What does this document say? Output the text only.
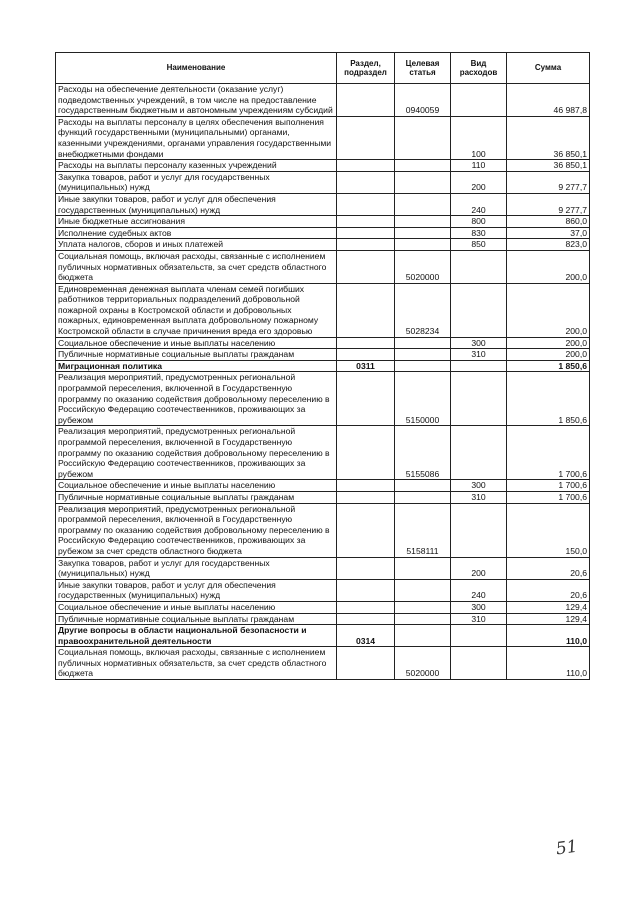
Наименование	Раздел, подраздел	Целевая статья	Вид расходов	Сумма
Расходы на обеспечение деятельности (оказание услуг) подведомственных учреждений, в том числе на предоставление государственным бюджетным и автономным учреждениям субсидий		0940059		46 987,8
Расходы на выплаты персоналу в целях обеспечения выполнения функций государственными (муниципальными) органами, казенными учреждениями, органами управления государственными внебюджетными фондами			100	36 850,1
Расходы на выплаты персоналу казенных учреждений			110	36 850,1
Закупка товаров, работ и услуг для государственных (муниципальных) нужд			200	9 277,7
Иные закупки товаров, работ и услуг для обеспечения государственных (муниципальных) нужд			240	9 277,7
Иные бюджетные ассигнования			800	860,0
Исполнение судебных актов			830	37,0
Уплата налогов, сборов и иных платежей			850	823,0
Социальная помощь, включая расходы, связанные с исполнением публичных нормативных обязательств, за счет средств областного бюджета		5020000		200,0
Единовременная денежная выплата членам семей погибших работников территориальных подразделений добровольной пожарной охраны в Костромской области и добровольных пожарных, единовременная выплата добровольному пожарному Костромской области в случае причинения вреда его здоровью		5028234		200,0
Социальное обеспечение и иные выплаты населению			300	200,0
Публичные нормативные социальные выплаты гражданам			310	200,0
Миграционная политика	0311			1 850,6
Реализация мероприятий, предусмотренных региональной программой переселения, включенной в Государственную программу по оказанию содействия добровольному переселению в Российскую Федерацию соотечественников, проживающих за рубежом		5150000		1 850,6
Реализация мероприятий, предусмотренных региональной программой переселения, включенной в Государственную программу по оказанию содействия добровольному переселению в Российскую Федерацию соотечественников, проживающих за рубежом		5155086		1 700,6
Социальное обеспечение и иные выплаты населению			300	1 700,6
Публичные нормативные социальные выплаты гражданам			310	1 700,6
Реализация мероприятий, предусмотренных региональной программой переселения, включенной в Государственную программу по оказанию содействия добровольному переселению в Российскую Федерацию соотечественников, проживающих за рубежом за счет средств областного бюджета		5158111		150,0
Закупка товаров, работ и услуг для государственных (муниципальных) нужд			200	20,6
Иные закупки товаров, работ и услуг для обеспечения государственных (муниципальных) нужд			240	20,6
Социальное обеспечение и иные выплаты населению			300	129,4
Публичные нормативные социальные выплаты гражданам			310	129,4
Другие вопросы в области национальной безопасности и правоохранительной деятельности	0314			110,0
Социальная помощь, включая расходы, связанные с исполнением публичных нормативных обязательств, за счет средств областного бюджета		5020000		110,0
51
